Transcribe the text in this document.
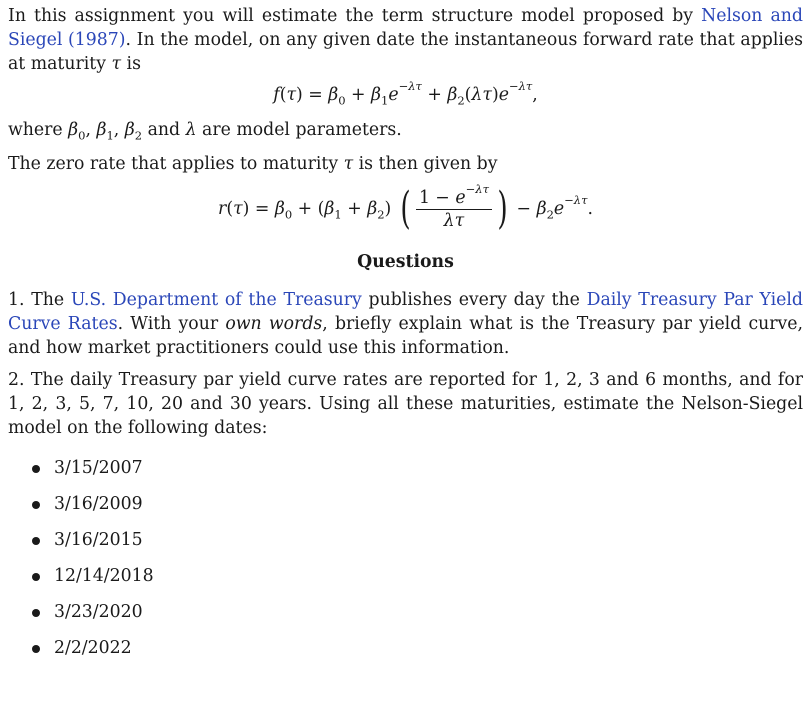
In this assignment you will estimate the term structure model proposed by Nelson and Siegel (1987). In the model, on any given date the instantaneous forward rate that applies at maturity τ is

$f(\tau) = \beta_0 + \beta_1e^{-\lambda\tau} + \beta_2(\lambda\tau)e^{-\lambda\tau}$,

where $\beta_0$, $\beta_1$, $\beta_2$ and λ are model parameters.

The zero rate that applies to maturity τ is then given by

$r(\tau) = \beta_0 + (\beta_1 + \beta_2)$ ( $\frac{1 - e^{-\lambda\tau}}{\lambda\tau}$ ) − $\beta_2e^{-\lambda\tau}$.
Questions

1. The U.S. Department of the Treasury publishes every day the Daily Treasury Par Yield Curve Rates. With your own words, briefly explain what is the Treasury par yield curve, and how market practitioners could use this information.

2. The daily Treasury par yield curve rates are reported for 1, 2, 3 and 6 months, and for 1, 2, 3, 5, 7, 10, 20 and 30 years. Using all these maturities, estimate the Nelson-Siegel model on the following dates:

3/15/2007
3/16/2009
3/16/2015
12/14/2018
3/23/2020
2/2/2022
